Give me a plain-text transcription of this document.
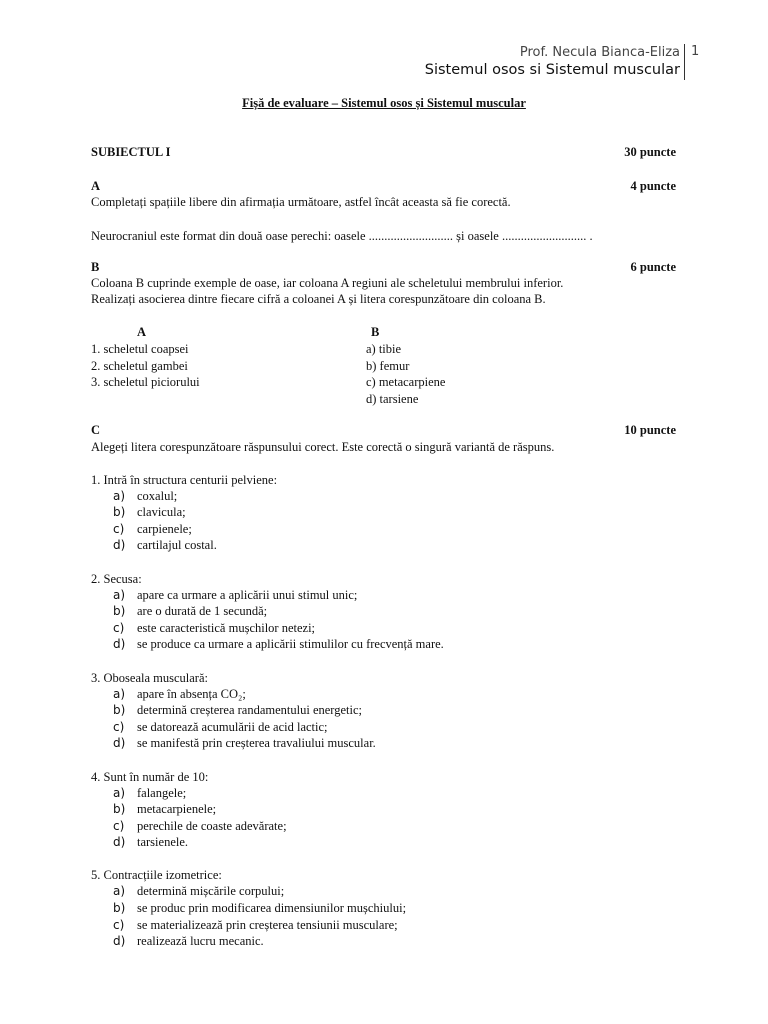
Prof. Necula Bianca-Eliza
Sistemul osos si Sistemul muscular
1
Fișă de evaluare – Sistemul osos și Sistemul muscular
SUBIECTUL I	30 puncte
A	4 puncte
Completați spațiile libere din afirmația următoare, astfel încât aceasta să fie corectă.
Neurocraniul este format din două oase perechi: oasele ........................... și oasele ........................... .
B	6 puncte
Coloana B cuprinde exemple de oase, iar coloana A regiuni ale scheletului membrului inferior.
Realizați asocierea dintre fiecare cifră a coloanei A și litera corespunzătoare din coloana B.
A	B
1. scheletul coapsei
2. scheletul gambei
3. scheletul piciorului
a) tibie
b) femur
c) metacarpiene
d) tarsiene
C	10 puncte
Alegeți litera corespunzătoare răspunsului corect. Este corectă o singură variantă de răspuns.
1. Intră în structura centurii pelviene:
a) coxalul;
b) clavicula;
c) carpienele;
d) cartilajul costal.
2. Secusa:
a) apare ca urmare a aplicării unui stimul unic;
b) are o durată de 1 secundă;
c) este caracteristică mușchilor netezi;
d) se produce ca urmare a aplicării stimulilor cu frecvență mare.
3. Oboseala musculară:
a) apare în absența CO₂;
b) determină creșterea randamentului energetic;
c) se datorează acumulării de acid lactic;
d) se manifestă prin creșterea travaliului muscular.
4. Sunt în număr de 10:
a) falangele;
b) metacarpienele;
c) perechile de coaste adevărate;
d) tarsienele.
5. Contracțiile izometrice:
a) determină mișcările corpului;
b) se produc prin modificarea dimensiunilor mușchiului;
c) se materializează prin creșterea tensiunii musculare;
d) realizează lucru mecanic.
